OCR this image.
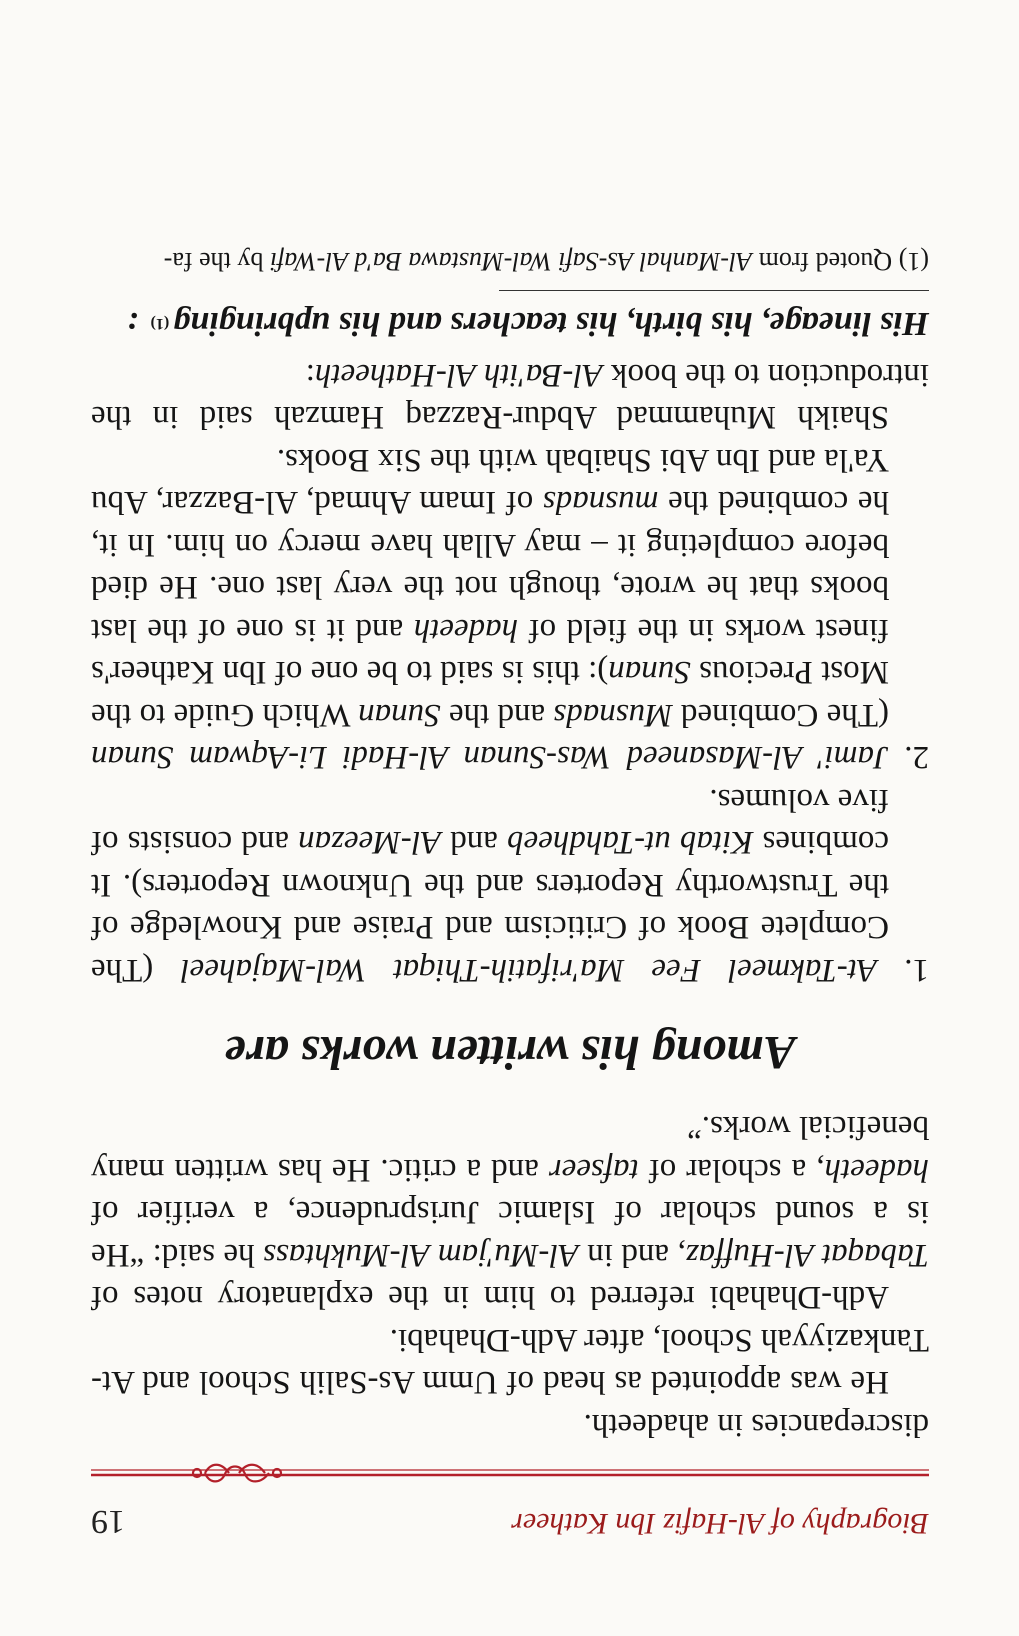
Biography of Al-Hafiz Ibn Katheer
19

discrepancies in ahadeeth.

He was appointed as head of Umm As-Salih School and At-Tankaziyyah School, after Adh-Dhahabi.

Adh-Dhahabi referred to him in the explanatory notes of Tabaqat Al-Huffaz, and in Al-Mu'jam Al-Mukhtass he said: “He is a sound scholar of Islamic Jurisprudence, a verifier of hadeeth, a scholar of tafseer and a critic. He has written many beneficial works.”

Among his written works are

1. At-Takmeel Fee Ma'rifatih-Thiqat Wal-Majaheel (The Complete Book of Criticism and Praise and Knowledge of the Trustworthy Reporters and the Unknown Reporters). It combines Kitab ut-Tahdheeb and Al-Meezan and consists of five volumes.

2. Jami' Al-Masaneed Was-Sunan Al-Hadi Li-Aqwam Sunan (The Combined Musnads and the Sunan Which Guide to the Most Precious Sunan): this is said to be one of Ibn Katheer's finest works in the field of hadeeth and it is one of the last books that he wrote, though not the very last one. He died before completing it – may Allah have mercy on him. In it, he combined the musnads of Imam Ahmad, Al-Bazzar, Abu Ya'la and Ibn Abi Shaibah with the Six Books.

Shaikh Muhammad Abdur-Razzaq Hamzah said in the introduction to the book Al-Ba'ith Al-Hatheeth:

His lineage, his birth, his teachers and his upbringing$^{(1)}$ :
(1) Quoted from Al-Manhal As-Safi Wal-Mustawa Ba'd Al-Wafi by the fa-
